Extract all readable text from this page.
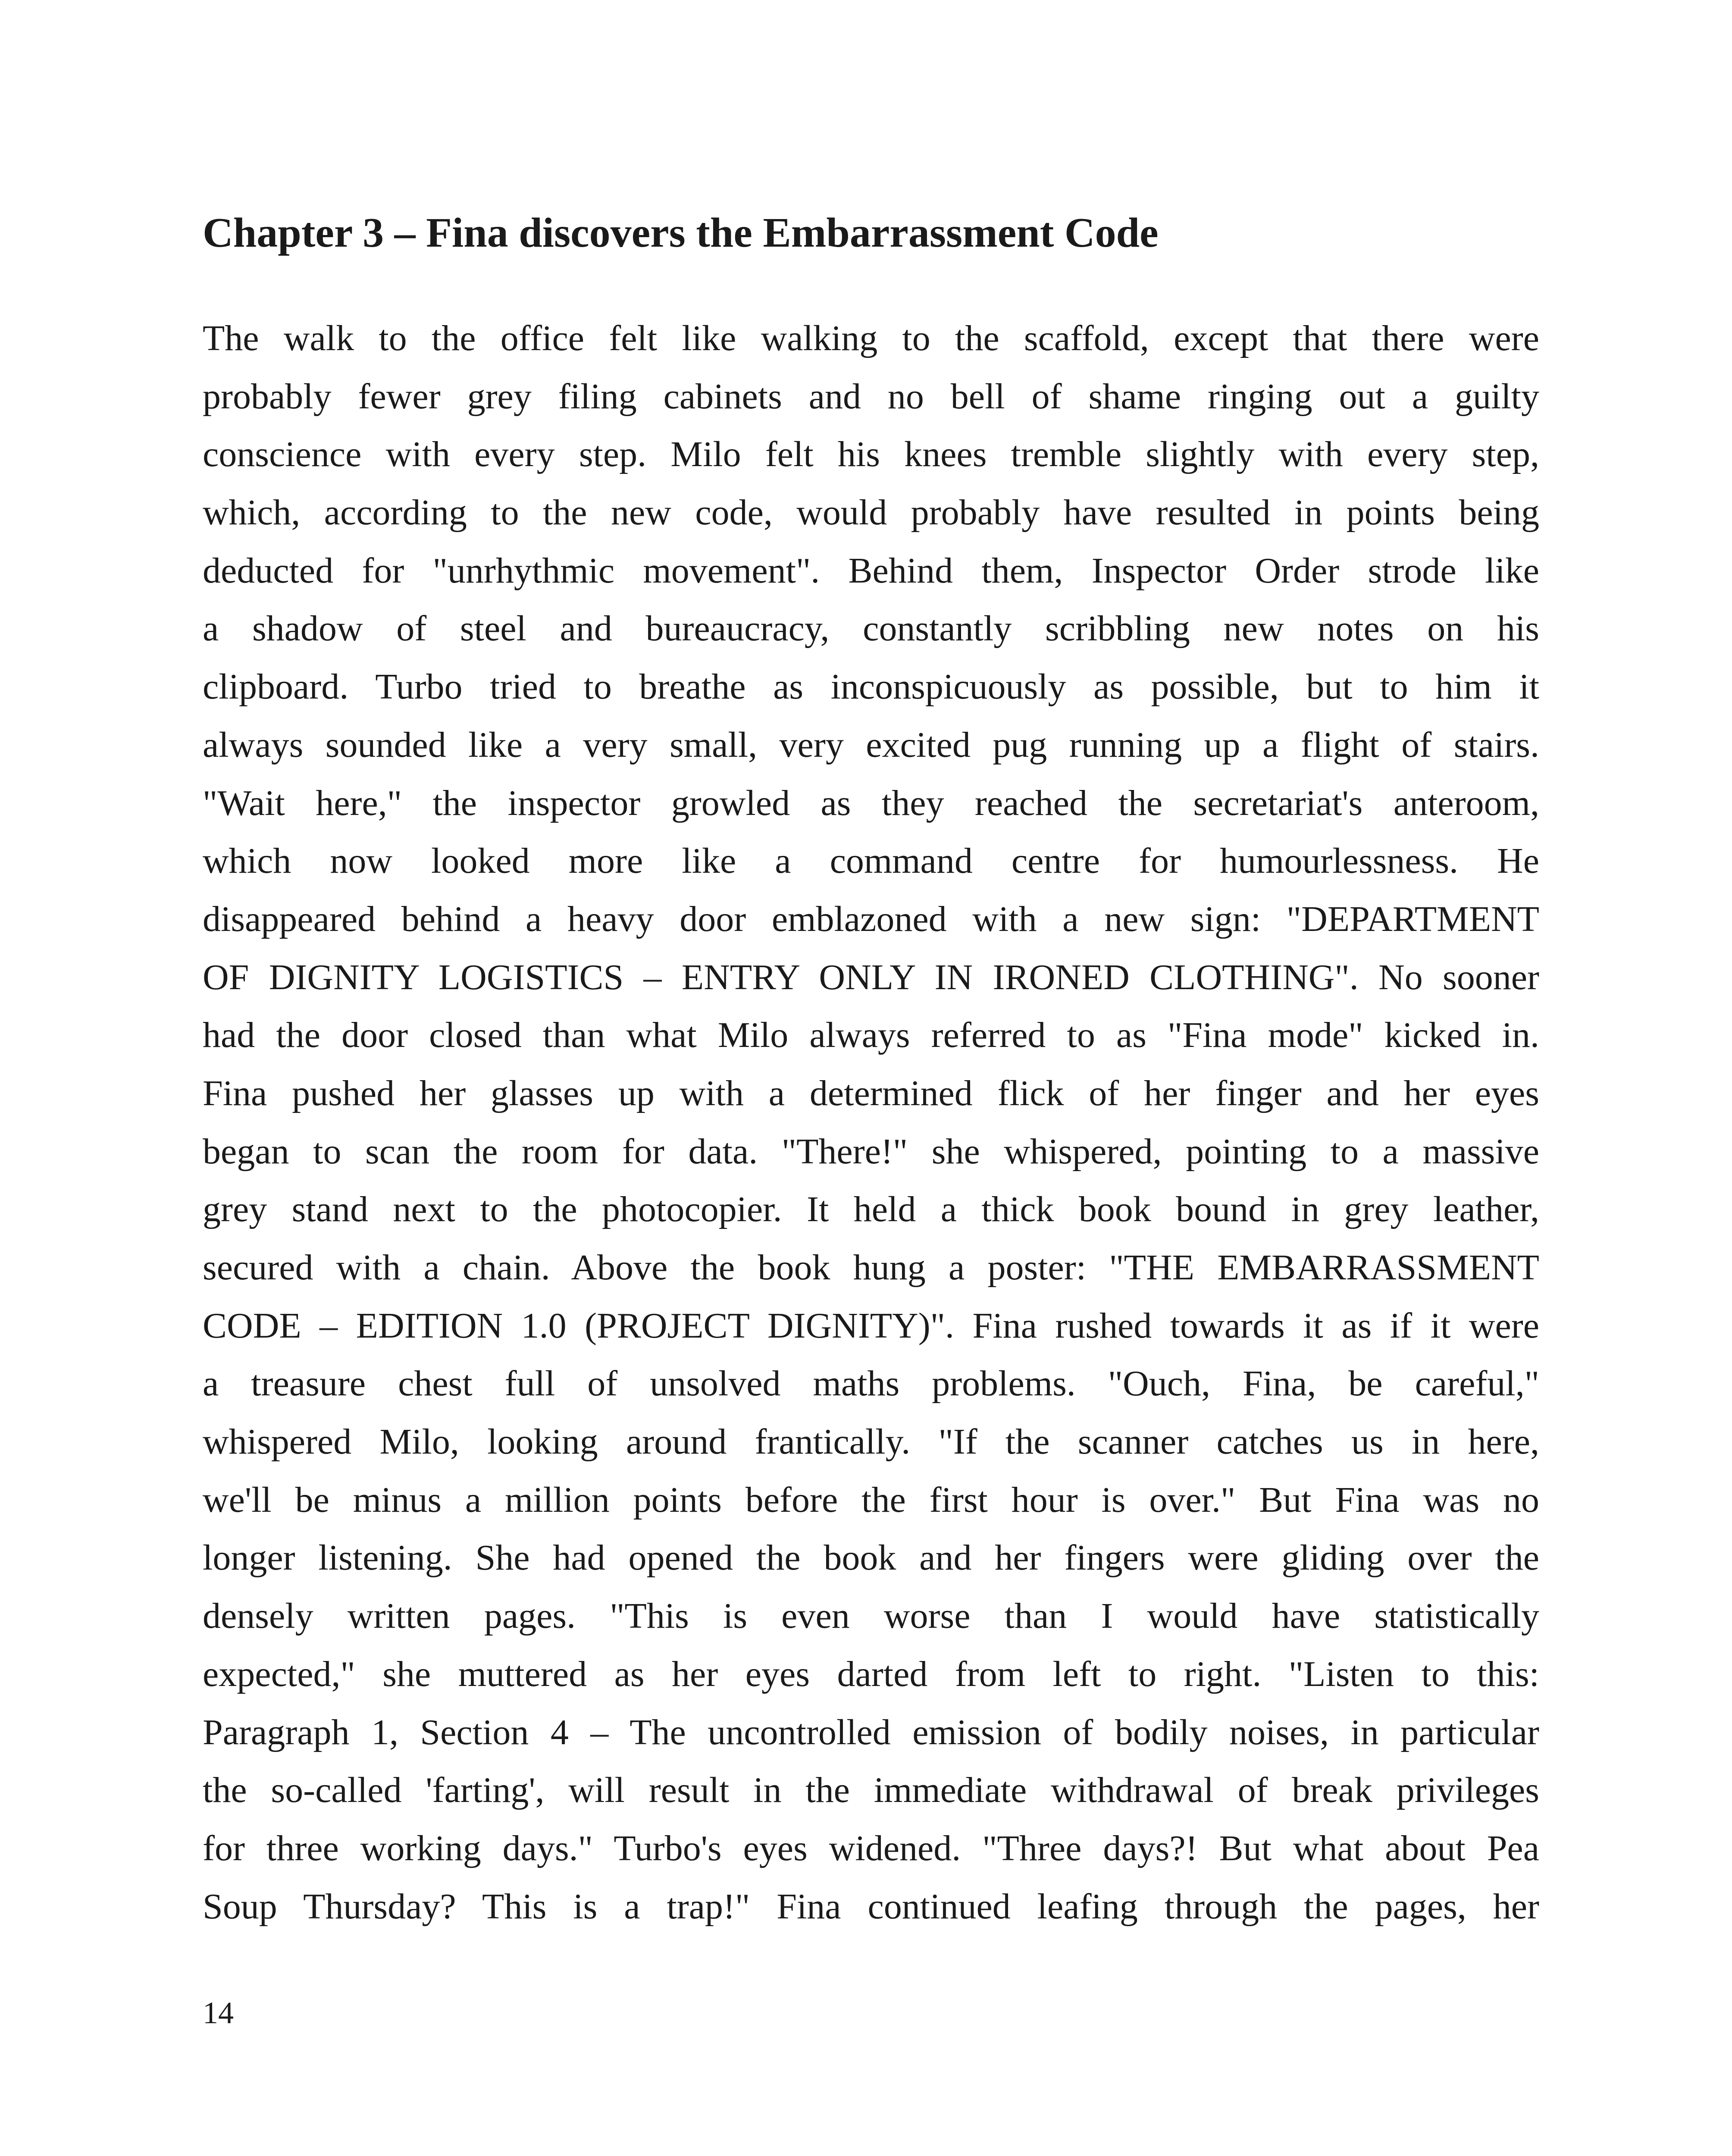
Chapter 3 – Fina discovers the Embarrassment Code
The walk to the office felt like walking to the scaffold, except that there were
probably fewer grey filing cabinets and no bell of shame ringing out a guilty
conscience with every step. Milo felt his knees tremble slightly with every step,
which, according to the new code, would probably have resulted in points being
deducted for "unrhythmic movement". Behind them, Inspector Order strode like
a shadow of steel and bureaucracy, constantly scribbling new notes on his
clipboard. Turbo tried to breathe as inconspicuously as possible, but to him it
always sounded like a very small, very excited pug running up a flight of stairs.
"Wait here," the inspector growled as they reached the secretariat's anteroom,
which now looked more like a command centre for humourlessness. He
disappeared behind a heavy door emblazoned with a new sign: "DEPARTMENT
OF DIGNITY LOGISTICS – ENTRY ONLY IN IRONED CLOTHING". No sooner
had the door closed than what Milo always referred to as "Fina mode" kicked in.
Fina pushed her glasses up with a determined flick of her finger and her eyes
began to scan the room for data. "There!" she whispered, pointing to a massive
grey stand next to the photocopier. It held a thick book bound in grey leather,
secured with a chain. Above the book hung a poster: "THE EMBARRASSMENT
CODE – EDITION 1.0 (PROJECT DIGNITY)". Fina rushed towards it as if it were
a treasure chest full of unsolved maths problems. "Ouch, Fina, be careful,"
whispered Milo, looking around frantically. "If the scanner catches us in here,
we'll be minus a million points before the first hour is over." But Fina was no
longer listening. She had opened the book and her fingers were gliding over the
densely written pages. "This is even worse than I would have statistically
expected," she muttered as her eyes darted from left to right. "Listen to this:
Paragraph 1, Section 4 – The uncontrolled emission of bodily noises, in particular
the so-called 'farting', will result in the immediate withdrawal of break privileges
for three working days." Turbo's eyes widened. "Three days?! But what about Pea
Soup Thursday? This is a trap!" Fina continued leafing through the pages, her

14
